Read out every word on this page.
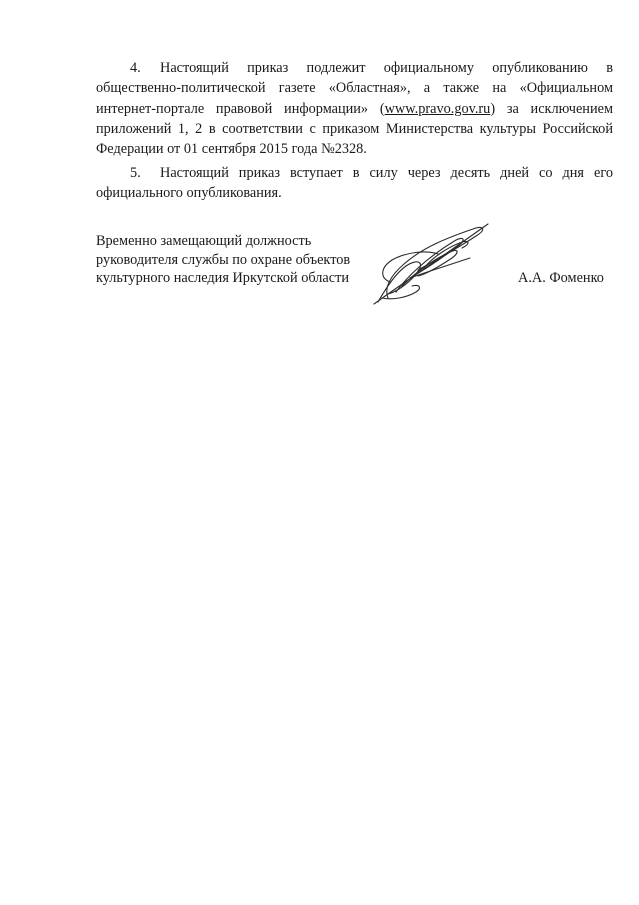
4. Настоящий приказ подлежит официальному опубликованию в общественно-политической газете «Областная», а также на «Официальном интернет-портале правовой информации» (www.pravo.gov.ru) за исключением приложений 1, 2 в соответствии с приказом Министерства культуры Российской Федерации от 01 сентября 2015 года №2328.

5. Настоящий приказ вступает в силу через десять дней со дня его официального опубликования.

Временно замещающий должность
руководителя службы по охране объектов
культурного наследия Иркутской области	А.А. Фоменко
